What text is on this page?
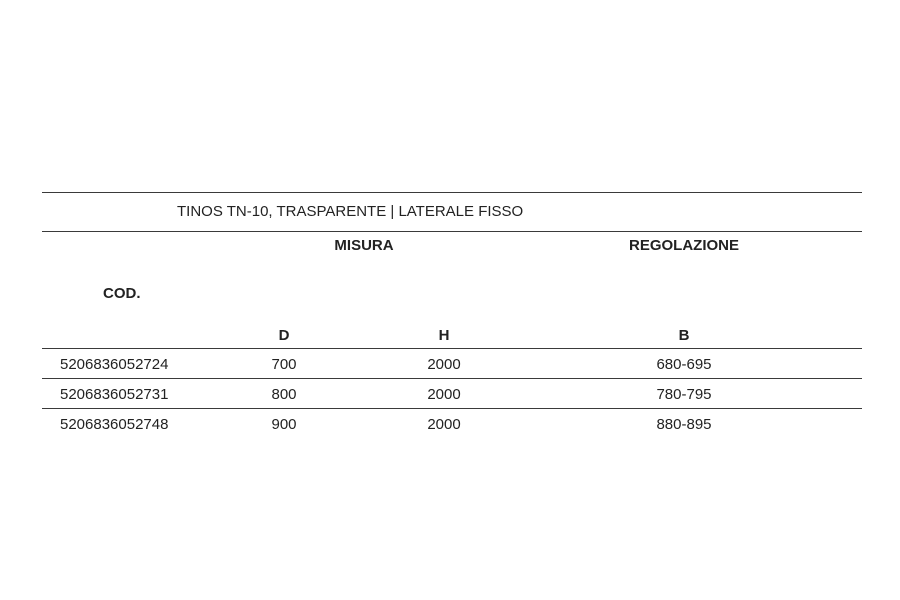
TINOS TN-10, TRASPARENTE | LATERALE FISSO
MISURA	REGOLAZIONE
COD.
D	H	B
5206836052724	700	2000	680-695
5206836052731	800	2000	780-795
5206836052748	900	2000	880-895
